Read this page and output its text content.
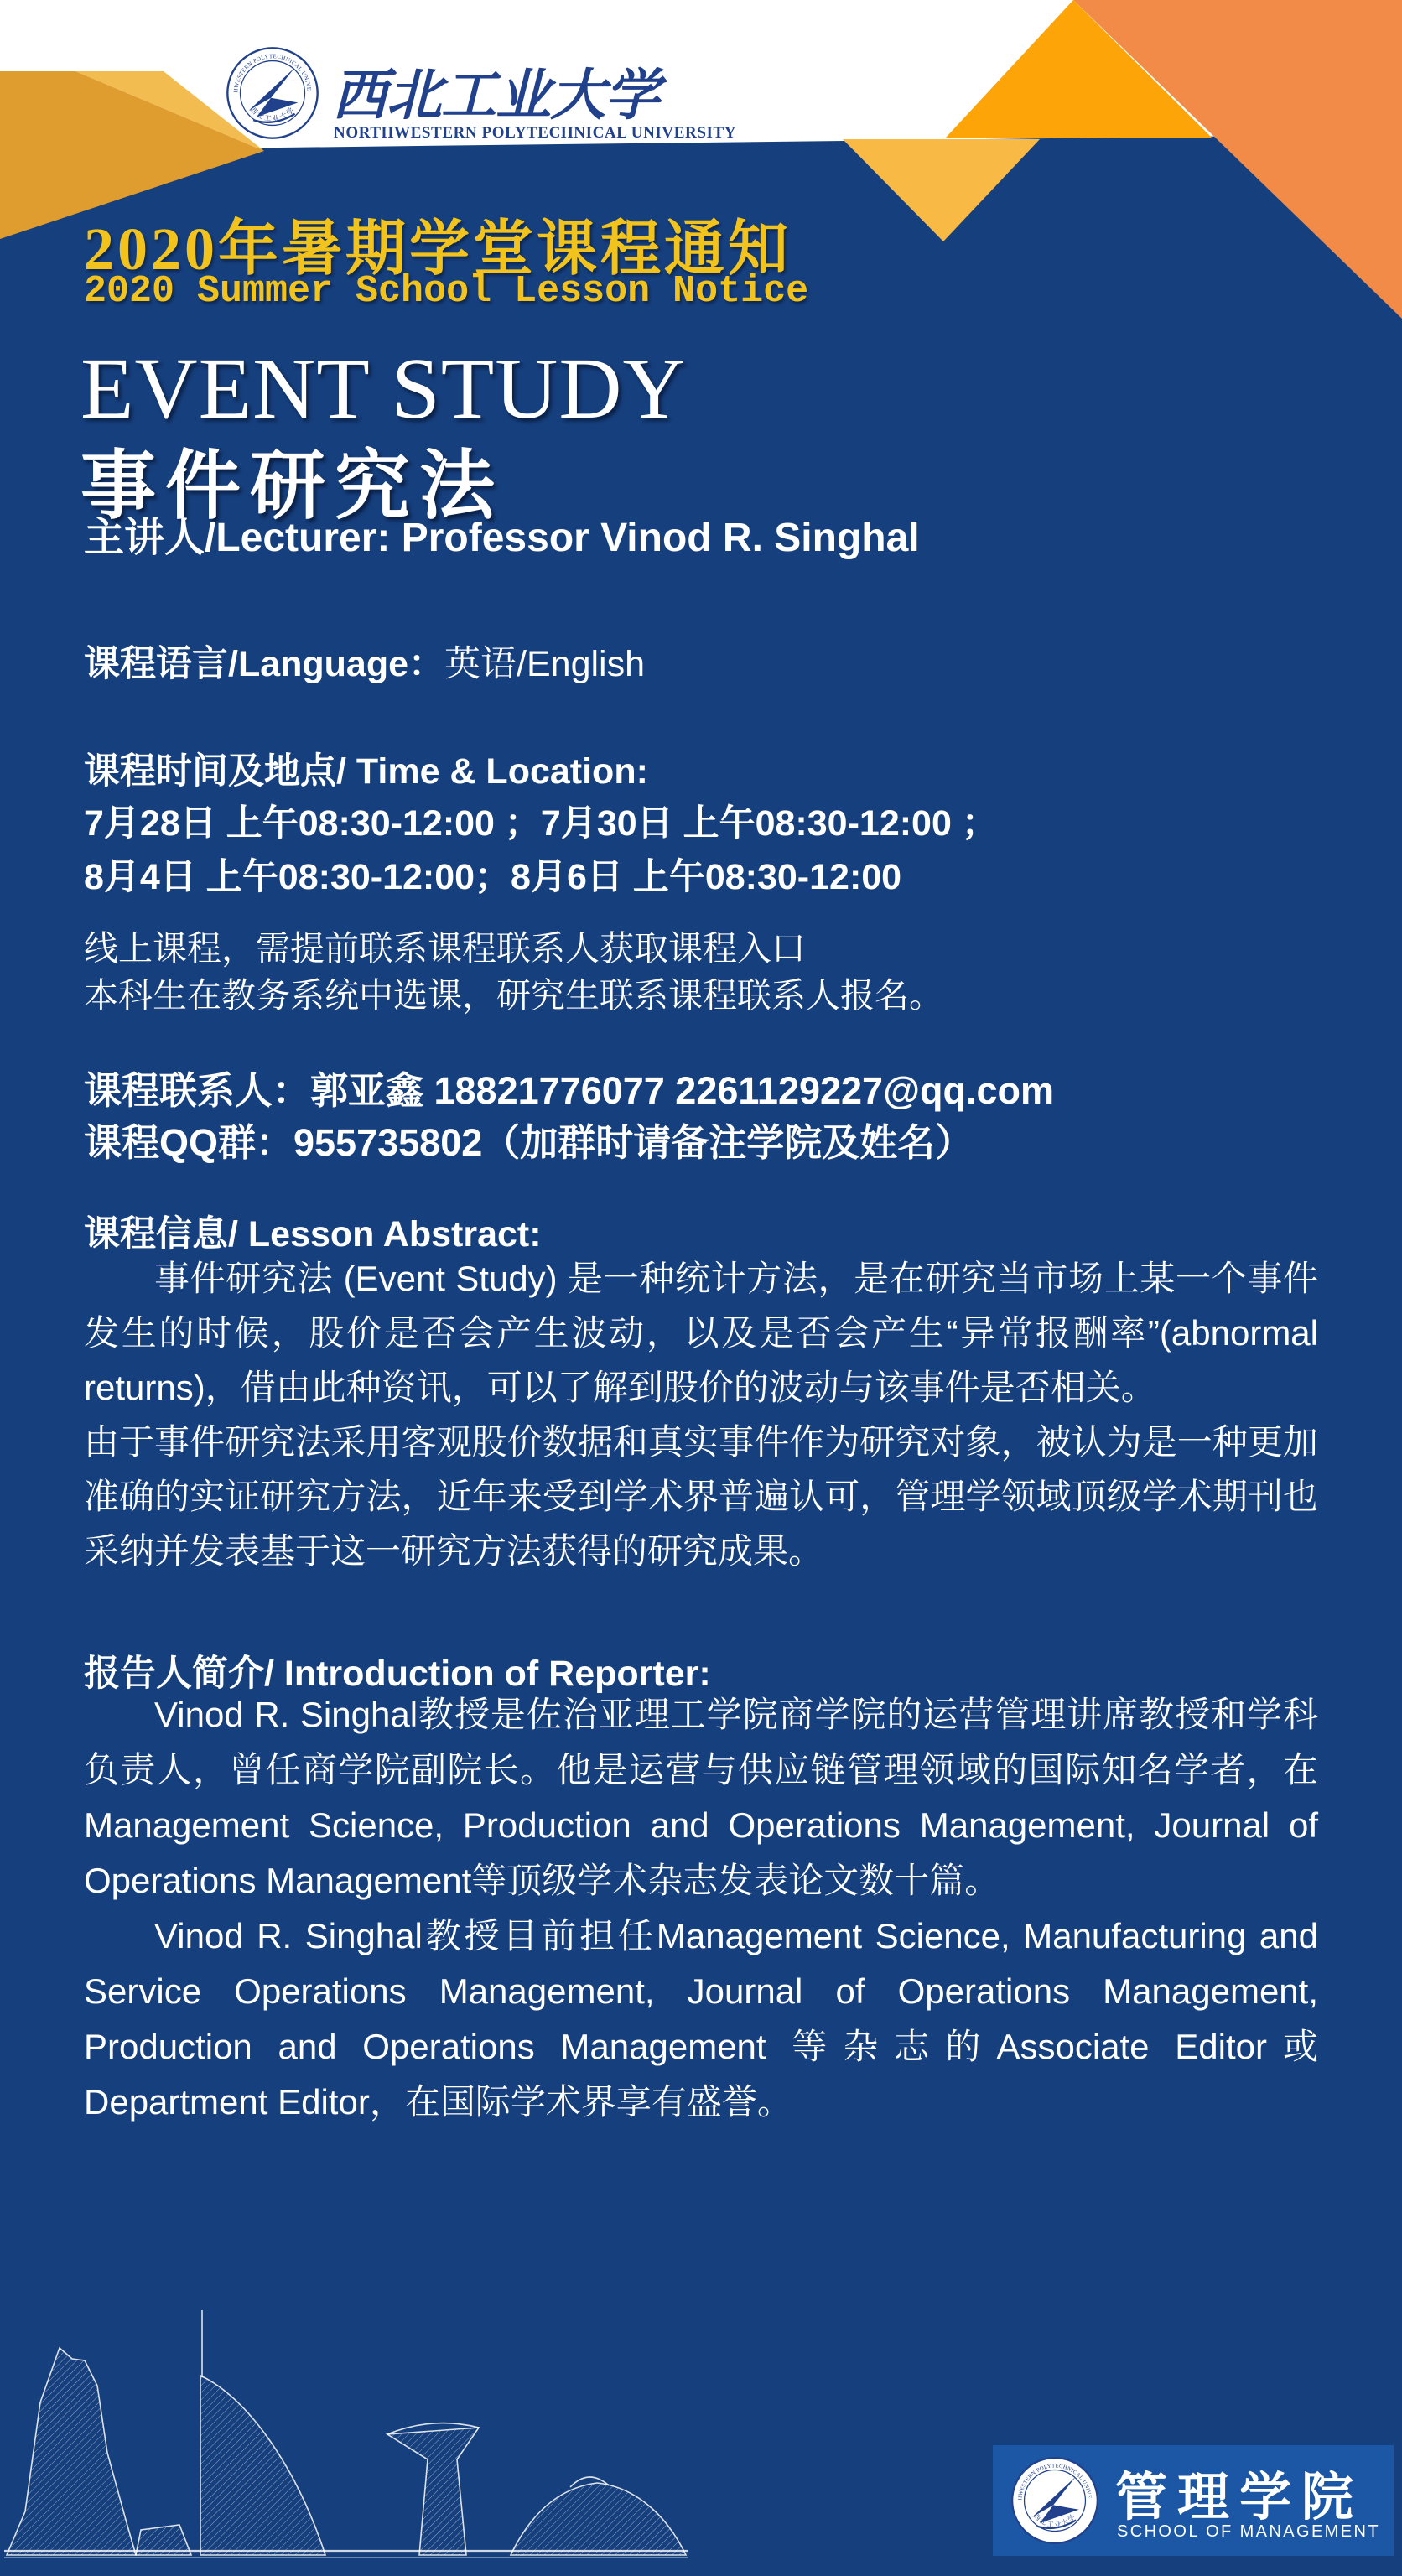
西北工业大学
NORTHWESTERN POLYTECHNICAL UNIVERSITY
2020年暑期学堂课程通知
2020 Summer School Lesson Notice
EVENT STUDY
事件研究法
主讲人/Lecturer: Professor Vinod R. Singhal
课程语言/Language：英语/English
课程时间及地点/ Time & Location:
7月28日 上午08:30-12:00 ；7月30日 上午08:30-12:00 ；
8月4日 上午08:30-12:00；8月6日 上午08:30-12:00
线上课程，需提前联系课程联系人获取课程入口
本科生在教务系统中选课，研究生联系课程联系人报名。
课程联系人：郭亚鑫 18821776077 2261129227@qq.com
课程QQ群：955735802（加群时请备注学院及姓名）
课程信息/ Lesson Abstract:

事件研究法 (Event Study) 是一种统计方法，是在研究当市场上某一个事件发生的时候，股价是否会产生波动，以及是否会产生“异常报酬率”(abnormal returns)，借由此种资讯，可以了解到股价的波动与该事件是否相关。

由于事件研究法采用客观股价数据和真实事件作为研究对象，被认为是一种更加准确的实证研究方法，近年来受到学术界普遍认可，管理学领域顶级学术期刊也采纳并发表基于这一研究方法获得的研究成果。

报告人简介/ Introduction of Reporter:

Vinod R. Singhal教授是佐治亚理工学院商学院的运营管理讲席教授和学科负责人，曾任商学院副院长。他是运营与供应链管理领域的国际知名学者，在Management Science, Production and Operations Management, Journal of Operations Management等顶级学术杂志发表论文数十篇。

Vinod R. Singhal教授目前担任Management Science, Manufacturing and Service Operations Management, Journal of Operations Management, Production and Operations Management 等杂志的Associate Editor或Department Editor，在国际学术界享有盛誉。

管理学院
SCHOOL OF MANAGEMENT
